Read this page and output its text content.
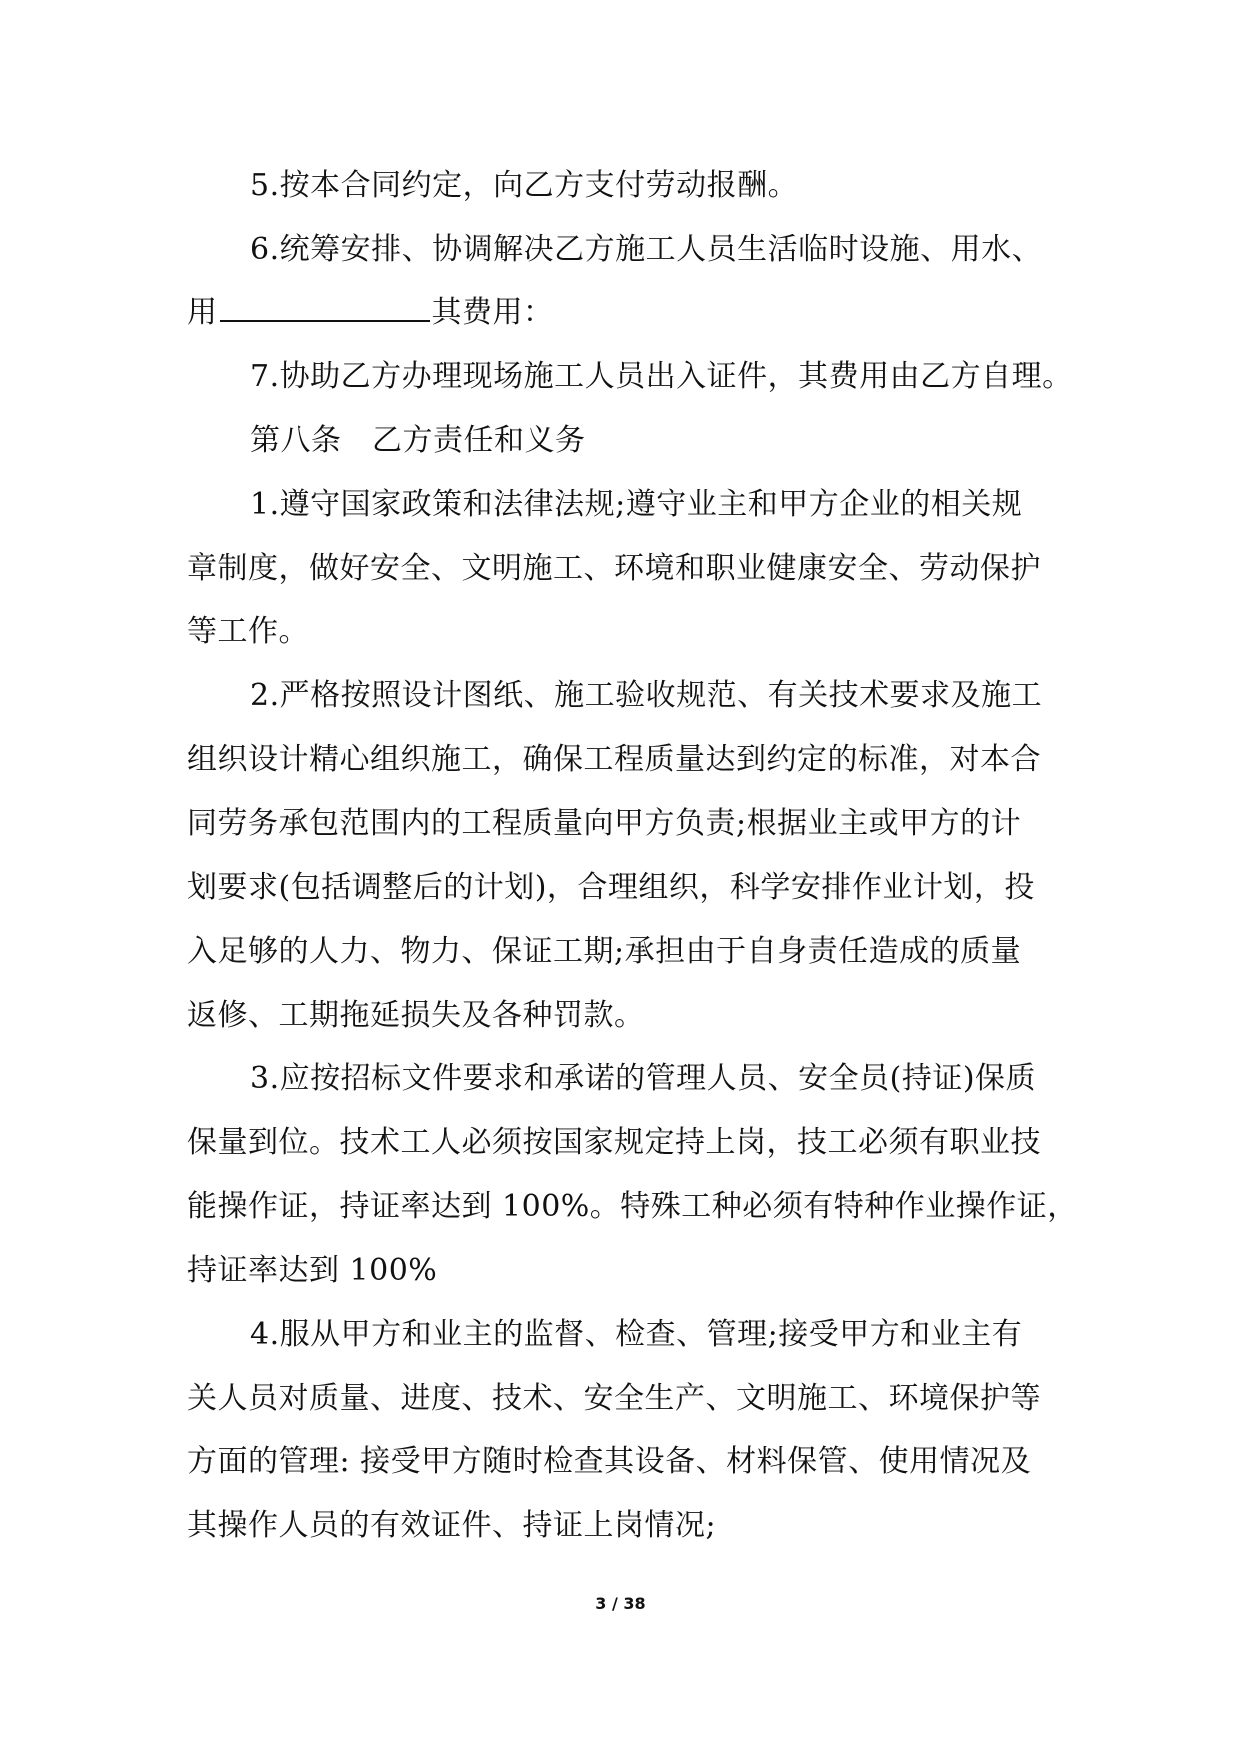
5.按本合同约定，向乙方支付劳动报酬。
6.统筹安排、协调解决乙方施工人员生活临时设施、用水、
用	其费用：
7.协助乙方办理现场施工人员出入证件，其费用由乙方自理。
第八条　乙方责任和义务
1.遵守国家政策和法律法规;遵守业主和甲方企业的相关规
章制度，做好安全、文明施工、环境和职业健康安全、劳动保护
等工作。
2.严格按照设计图纸、施工验收规范、有关技术要求及施工
组织设计精心组织施工，确保工程质量达到约定的标准，对本合
同劳务承包范围内的工程质量向甲方负责;根据业主或甲方的计
划要求(包括调整后的计划)，合理组织，科学安排作业计划，投
入足够的人力、物力、保证工期;承担由于自身责任造成的质量
返修、工期拖延损失及各种罚款。
3.应按招标文件要求和承诺的管理人员、安全员(持证)保质
保量到位。技术工人必须按国家规定持上岗，技工必须有职业技
能操作证，持证率达到 100%。特殊工种必须有特种作业操作证，
持证率达到 100%
4.服从甲方和业主的监督、检查、管理;接受甲方和业主有
关人员对质量、进度、技术、安全生产、文明施工、环境保护等
方面的管理: 接受甲方随时检查其设备、材料保管、使用情况及
其操作人员的有效证件、持证上岗情况;
3 / 38
